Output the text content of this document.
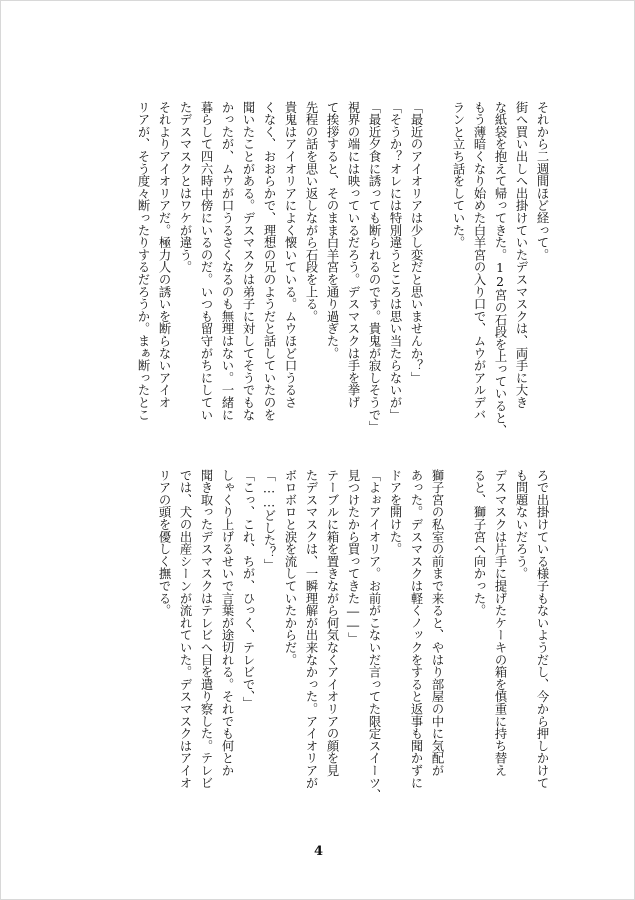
それから二週間ほど経って。
街へ買い出しへ出掛けていたデスマスクは、両手に大き
な紙袋を抱えて帰ってきた。12宮の石段を上っていると、
もう薄暗くなり始めた白羊宮の入り口で、ムウがアルデバ
ランと立ち話をしていた。
「最近のアイオリアは少し変だと思いませんか？」
「そうか？オレには特別違うところは思い当たらないが」
「最近夕食に誘っても断られるのです。貴鬼が寂しそうで」
視界の端には映っているだろう。デスマスクは手を挙げ
て挨拶すると、そのまま白羊宮を通り過ぎた。
先程の話を思い返しながら石段を上る。
貴鬼はアイオリアによく懐いている。ムウほど口うるさ
くなく、おおらかで、理想の兄のようだと話していたのを
聞いたことがある。デスマスクは弟子に対してそうでもな
かったが、ムウが口うるさくなるのも無理はない。一緒に
暮らして四六時中傍にいるのだ。いつも留守がちにしてい
たデスマスクとはワケが違う。
それよりアイオリアだ。極力人の誘いを断らないアイオ
リアが、そう度々断ったりするだろうか。まぁ断ったとこ
ろで出掛けている様子もないようだし、今から押しかけて
も問題ないだろう。
デスマスクは片手に提げたケーキの箱を慎重に持ち替え
ると、獅子宮へ向かった。
獅子宮の私室の前まで来ると、やはり部屋の中に気配が
あった。デスマスクは軽くノックをすると返事も聞かずに
ドアを開けた。
「よぉアイオリア。お前がこないだ言ってた限定スイーツ、
見つけたから買ってきた――」
テーブルに箱を置きながら何気なくアイオリアの顔を見
たデスマスクは、一瞬理解が出来なかった。アイオリアが
ボロボロと涙を流していたからだ。
「……どした？」
「こっ、これ、ちが、ひっく、テレビで、」
しゃくり上げるせいで言葉が途切れる。それでも何とか
聞き取ったデスマスクはテレビへ目を遣り察した。テレビ
では、犬の出産シーンが流れていた。デスマスクはアイオ
リアの頭を優しく撫でる。
4
